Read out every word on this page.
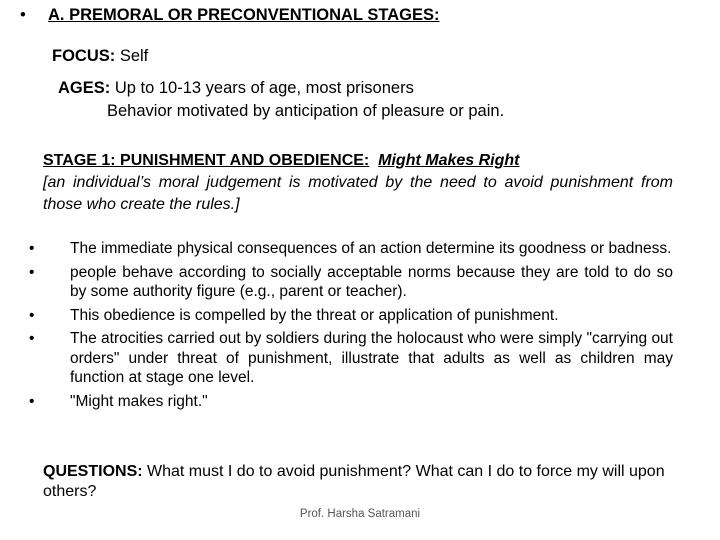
• A. PREMORAL OR PRECONVENTIONAL STAGES:
FOCUS: Self
AGES: Up to 10-13 years of age, most prisoners
Behavior motivated by anticipation of pleasure or pain.
STAGE 1: PUNISHMENT AND OBEDIENCE: Might Makes Right

[an individual’s moral judgement is motivated by the need to avoid punishment from those who create the rules.]

•	The immediate physical consequences of an action determine its goodness or badness.
•	people behave according to socially acceptable norms because they are told to do so by some authority figure (e.g., parent or teacher).
•	This obedience is compelled by the threat or application of punishment.
•	The atrocities carried out by soldiers during the holocaust who were simply "carrying out orders" under threat of punishment, illustrate that adults as well as children may function at stage one level.
•	"Might makes right."
QUESTIONS: What must I do to avoid punishment? What can I do to force my will upon others?
Prof. Harsha Satramani
